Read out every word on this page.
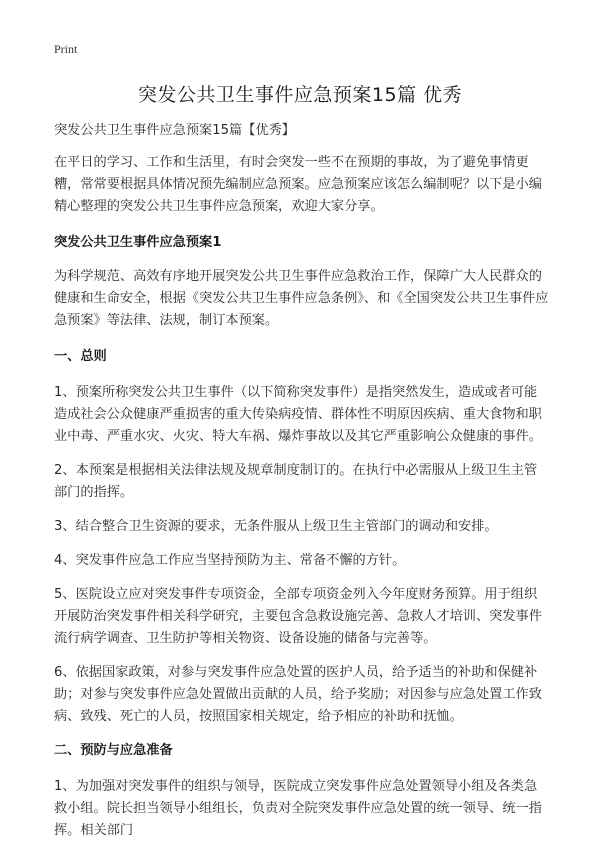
Print
突发公共卫生事件应急预案15篇 优秀

突发公共卫生事件应急预案15篇【优秀】

在平日的学习、工作和生活里，有时会突发一些不在预期的事故，为了避免事情更糟，常常要根据具体情况预先编制应急预案。应急预案应该怎么编制呢？以下是小编精心整理的突发公共卫生事件应急预案，欢迎大家分享。

突发公共卫生事件应急预案1

为科学规范、高效有序地开展突发公共卫生事件应急救治工作，保障广大人民群众的健康和生命安全，根据《突发公共卫生事件应急条例》、和《全国突发公共卫生事件应急预案》等法律、法规，制订本预案。

一、总则

1、预案所称突发公共卫生事件（以下简称突发事件）是指突然发生，造成或者可能造成社会公众健康严重损害的重大传染病疫情、群体性不明原因疾病、重大食物和职业中毒、严重水灾、火灾、特大车祸、爆炸事故以及其它严重影响公众健康的事件。

2、本预案是根据相关法律法规及规章制度制订的。在执行中必需服从上级卫生主管部门的指挥。

3、结合整合卫生资源的要求，无条件服从上级卫生主管部门的调动和安排。

4、突发事件应急工作应当坚持预防为主、常备不懈的方针。

5、医院设立应对突发事件专项资金，全部专项资金列入今年度财务预算。用于组织开展防治突发事件相关科学研究，主要包含急救设施完善、急救人才培训、突发事件流行病学调查、卫生防护等相关物资、设备设施的储备与完善等。

6、依据国家政策，对参与突发事件应急处置的医护人员，给予适当的补助和保健补助；对参与突发事件应急处置做出贡献的人员，给予奖励；对因参与应急处置工作致病、致残、死亡的人员，按照国家相关规定，给予相应的补助和抚恤。

二、预防与应急准备

1、为加强对突发事件的组织与领导，医院成立突发事件应急处置领导小组及各类急救小组。院长担当领导小组组长，负责对全院突发事件应急处置的统一领导、统一指挥。相关部门
